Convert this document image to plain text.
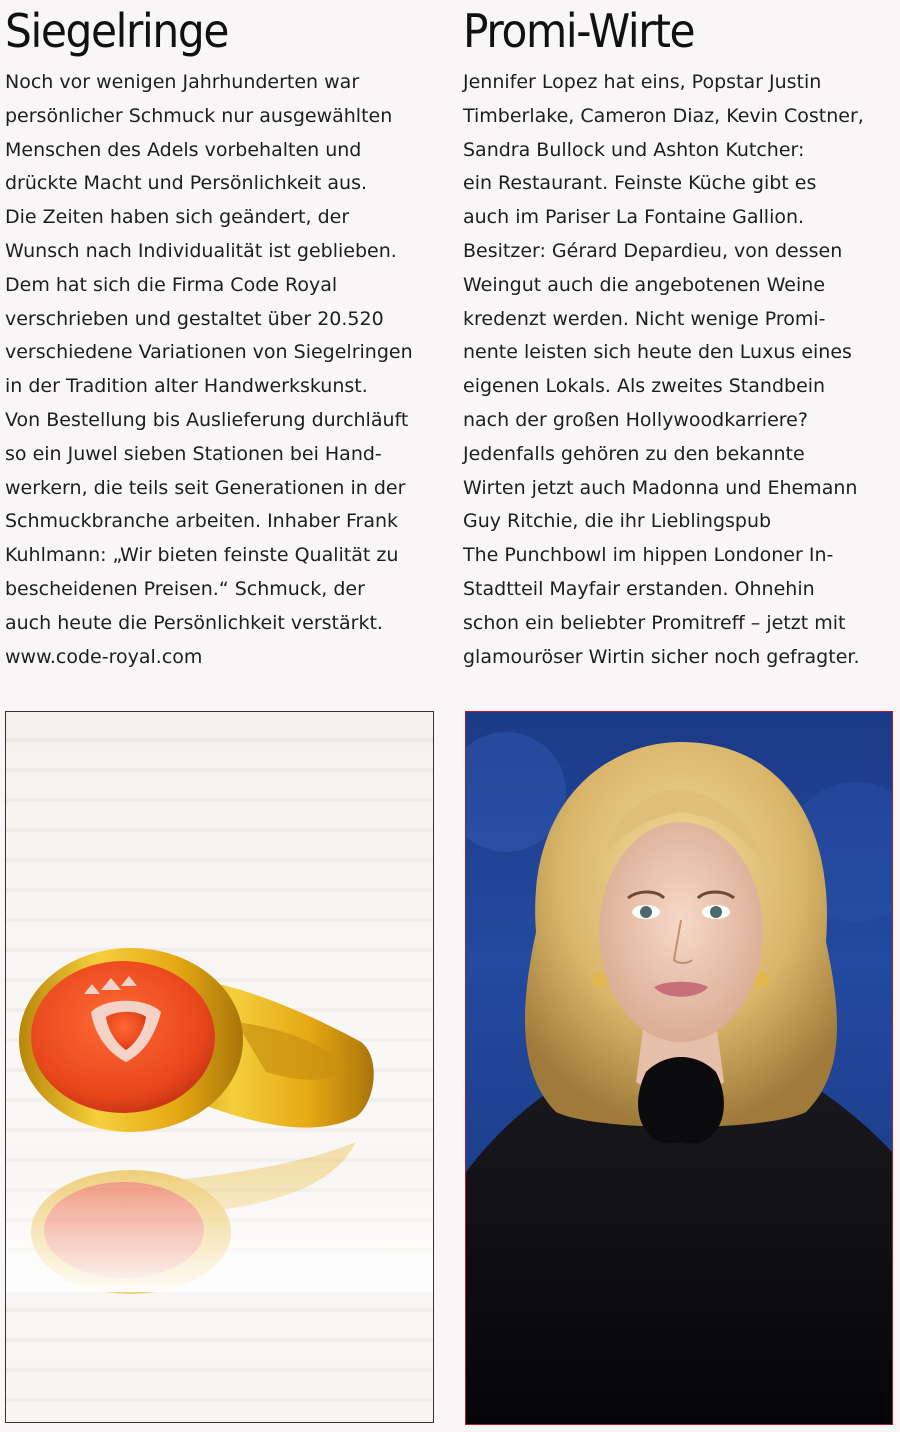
Siegelringe

Noch vor wenigen Jahrhunderten war
persönlicher Schmuck nur ausgewählten
Menschen des Adels vorbehalten und
drückte Macht und Persönlichkeit aus.
Die Zeiten haben sich geändert, der
Wunsch nach Individualität ist geblieben.
Dem hat sich die Firma Code Royal
verschrieben und gestaltet über 20.520
verschiedene Variationen von Siegelringen
in der Tradition alter Handwerkskunst.
Von Bestellung bis Auslieferung durchläuft
so ein Juwel sieben Stationen bei Hand-
werkern, die teils seit Generationen in der
Schmuckbranche arbeiten. Inhaber Frank
Kuhlmann: „Wir bieten feinste Qualität zu
bescheidenen Preisen.“ Schmuck, der
auch heute die Persönlichkeit verstärkt.
www.code-royal.com

Promi-Wirte

Jennifer Lopez hat eins, Popstar Justin
Timberlake, Cameron Diaz, Kevin Costner,
Sandra Bullock und Ashton Kutcher:
ein Restaurant. Feinste Küche gibt es
auch im Pariser La Fontaine Gallion.
Besitzer: Gérard Depardieu, von dessen
Weingut auch die angebotenen Weine
kredenzt werden. Nicht wenige Promi-
nente leisten sich heute den Luxus eines
eigenen Lokals. Als zweites Standbein
nach der großen Hollywoodkarriere?
Jedenfalls gehören zu den bekannte
Wirten jetzt auch Madonna und Ehemann
Guy Ritchie, die ihr Lieblingspub
The Punchbowl im hippen Londoner In-
Stadtteil Mayfair erstanden. Ohnehin
schon ein beliebter Promitreff – jetzt mit
glamouröser Wirtin sicher noch gefragter.
